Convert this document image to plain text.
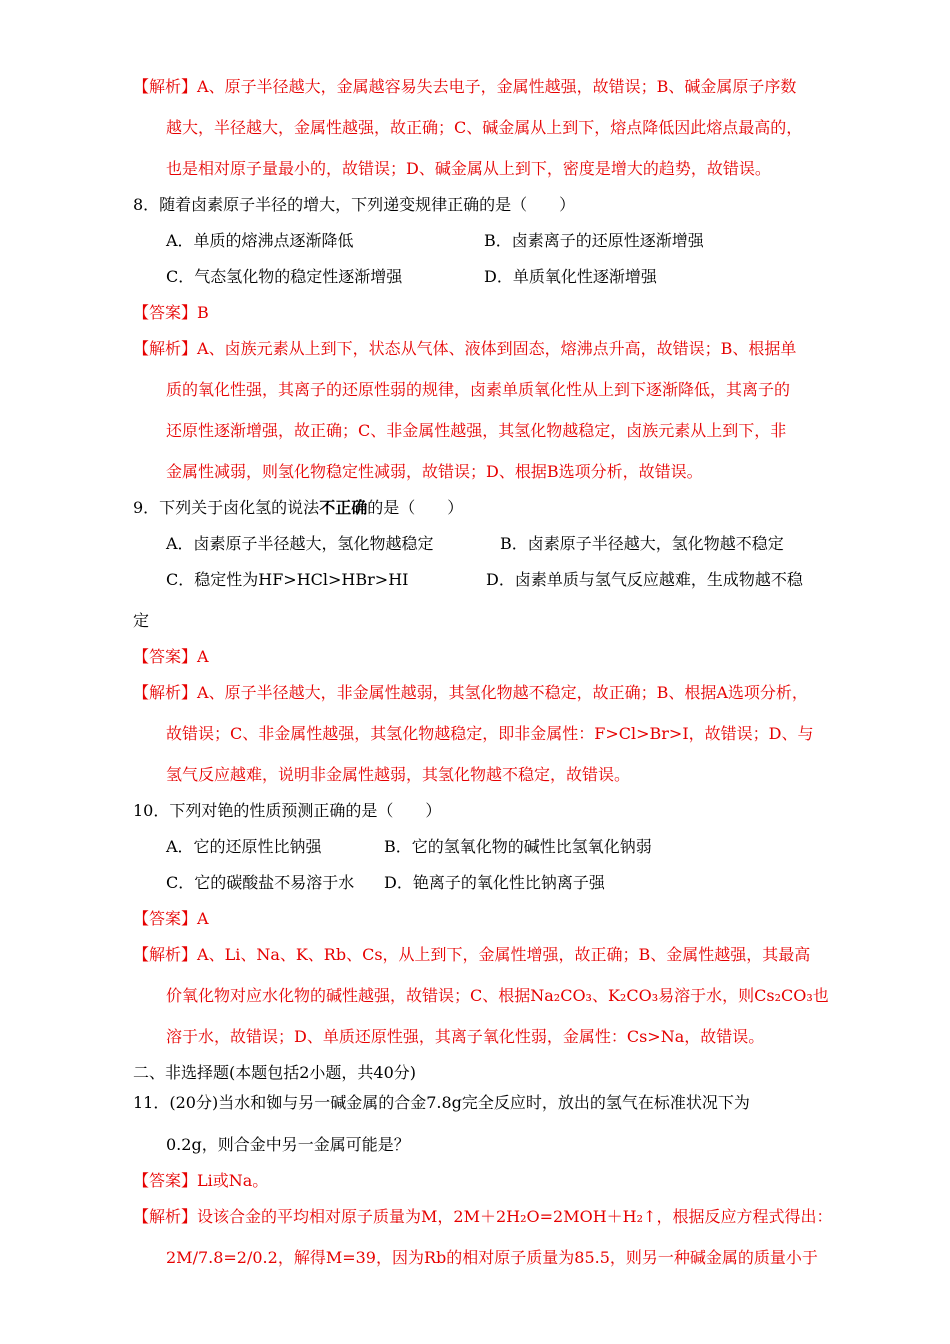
【解析】A、原子半径越大，金属越容易失去电子，金属性越强，故错误；B、碱金属原子序数
越大，半径越大，金属性越强，故正确；C、碱金属从上到下，熔点降低因此熔点最高的，
也是相对原子量最小的，故错误；D、碱金属从上到下，密度是增大的趋势，故错误。
8．随着卤素原子半径的增大，下列递变规律正确的是（　　）
A．单质的熔沸点逐渐降低	B．卤素离子的还原性逐渐增强
C．气态氢化物的稳定性逐渐增强	D．单质氧化性逐渐增强
【答案】B
【解析】A、卤族元素从上到下，状态从气体、液体到固态，熔沸点升高，故错误；B、根据单
质的氧化性强，其离子的还原性弱的规律，卤素单质氧化性从上到下逐渐降低，其离子的
还原性逐渐增强，故正确；C、非金属性越强，其氢化物越稳定，卤族元素从上到下，非
金属性减弱，则氢化物稳定性减弱，故错误；D、根据B选项分析，故错误。
9．下列关于卤化氢的说法不正确的是（　　）
A．卤素原子半径越大，氢化物越稳定	B．卤素原子半径越大，氢化物越不稳定
C．稳定性为HF>HCl>HBr>HI	D．卤素单质与氢气反应越难，生成物越不稳
定
【答案】A
【解析】A、原子半径越大，非金属性越弱，其氢化物越不稳定，故正确；B、根据A选项分析，
故错误；C、非金属性越强，其氢化物越稳定，即非金属性：F>Cl>Br>I，故错误；D、与
氢气反应越难，说明非金属性越弱，其氢化物越不稳定，故错误。
10．下列对铯的性质预测正确的是（　　）
A．它的还原性比钠强	B．它的氢氧化物的碱性比氢氧化钠弱
C．它的碳酸盐不易溶于水 D．铯离子的氧化性比钠离子强
【答案】A
【解析】A、Li、Na、K、Rb、Cs，从上到下，金属性增强，故正确；B、金属性越强，其最高
价氧化物对应水化物的碱性越强，故错误；C、根据Na₂CO₃、K₂CO₃易溶于水，则Cs₂CO₃也
溶于水，故错误；D、单质还原性强，其离子氧化性弱，金属性：Cs>Na，故错误。
二、非选择题(本题包括2小题，共40分)
11．(20分)当水和铷与另一碱金属的合金7.8g完全反应时，放出的氢气在标准状况下为
0.2g，则合金中另一金属可能是？
【答案】Li或Na。
【解析】设该合金的平均相对原子质量为M，2M＋2H₂O=2MOH＋H₂↑，根据反应方程式得出：
2M/7.8=2/0.2，解得M=39，因为Rb的相对原子质量为85.5，则另一种碱金属的质量小于
